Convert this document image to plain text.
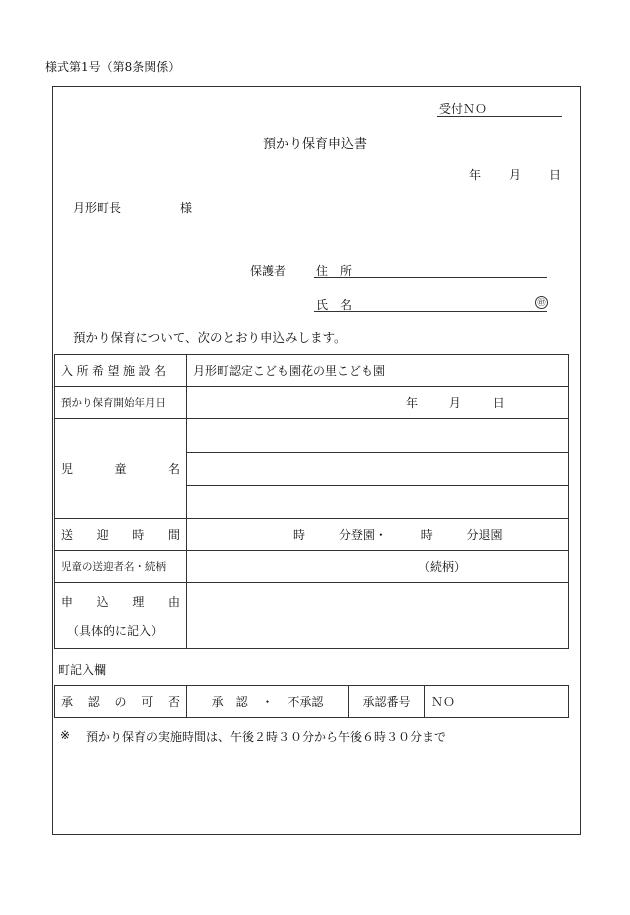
様式第1号（第8条関係）
受付ＮＯ
預かり保育申込書
年 月 日
月形町長	様
保護者 住　所
氏　名	㊞
預かり保育について、次のとおり申込みします。
入所希望施設名	月形町認定こども園花の里こども園
預かり保育開始年月日	年 月 日

児 童 名	

送 迎 時 間	時 分登園・ 時 分退園
児童の送迎者名・続柄	（続柄）

申 込 理 由
（具体的に記入）	

町記入欄
承 認 の 可 否	承　認 ・ 不承認	承認番号	ＮＯ
※ 預かり保育の実施時間は、午後２時３０分から午後６時３０分まで
